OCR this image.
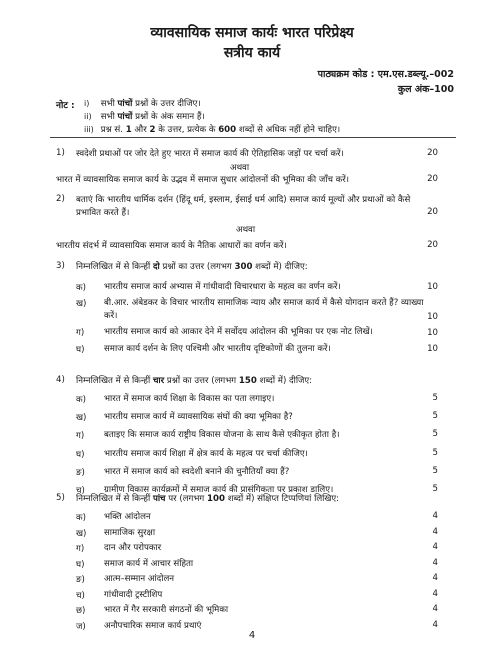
व्यावसायिक समाज कार्यः भारत परिप्रेक्ष्य
सत्रीय कार्य
पाठ्यक्रम कोड : एम.एस.डब्ल्यू.–002
कुल अंक–100
नोट : i) सभी पांचों प्रश्नों के उत्तर दीजिए।
ii) सभी पांचों प्रश्नों के अंक समान हैं।
iii) प्रश्न सं. 1 और 2 के उत्तर, प्रत्येक के 600 शब्दों से अधिक नहीं होने चाहिए।
1) स्वदेशी प्रथाओं पर जोर देते हुए भारत में समाज कार्य की ऐतिहासिक जड़ों पर चर्चा करें।	20
अथवा
भारत में व्यावसायिक समाज कार्य के उद्भव में समाज सुधार आंदोलनों की भूमिका की जाँच करें।	20
2) बताएं कि भारतीय धार्मिक दर्शन (हिंदू धर्म, इस्लाम, ईसाई धर्म आदि) समाज कार्य मूल्यों और प्रथाओं को कैसे
प्रभावित करते हैं।	20
अथवा
भारतीय संदर्भ में व्यावसायिक समाज कार्य के नैतिक आधारों का वर्णन करें।	20
3) निम्नलिखित में से किन्हीं दो प्रश्नों का उत्तर (लगभग 300 शब्दों में) दीजिए:
क) भारतीय समाज कार्य अभ्यास में गांधीवादी विचारधारा के महत्व का वर्णन करें।	10
ख) बी.आर. अंबेडकर के विचार भारतीय सामाजिक न्याय और समाज कार्य में कैसे योगदान करते हैं? व्याख्या
करें।	10
ग) भारतीय समाज कार्य को आकार देने में सर्वोदय आंदोलन की भूमिका पर एक नोट लिखें।	10
घ) समाज कार्य दर्शन के लिए पश्चिमी और भारतीय दृष्टिकोणों की तुलना करें।	10
4) निम्नलिखित में से किन्हीं चार प्रश्नों का उत्तर (लगभग 150 शब्दों में) दीजिए:
क) भारत में समाज कार्य शिक्षा के विकास का पता लगाइए।	5
ख) भारतीय समाज कार्य में व्यावसायिक संघों की क्या भूमिका है?	5
ग) बताइए कि समाज कार्य राष्ट्रीय विकास योजना के साथ कैसे एकीकृत होता है।	5
घ) भारतीय समाज कार्य शिक्षा में क्षेत्र कार्य के महत्व पर चर्चा कीजिए।	5
ङ) भारत में समाज कार्य को स्वदेशी बनाने की चुनौतियाँ क्या हैं?	5
च) ग्रामीण विकास कार्यक्रमों में समाज कार्य की प्रासंगिकता पर प्रकाश डालिए।	5
5) निम्नलिखित में से किन्हीं पांच पर (लगभग 100 शब्दों में) संक्षिप्त टिप्पणियां लिखिए:
क) भक्ति आंदोलन	4
ख) सामाजिक सुरक्षा	4
ग) दान और परोपकार	4
घ) समाज कार्य में आचार संहिता	4
ङ) आत्म–सम्मान आंदोलन	4
च) गांधीवादी ट्रस्टीशिप	4
छ) भारत में गैर सरकारी संगठनों की भूमिका	4
ज) अनौपचारिक समाज कार्य प्रथाएं	4
4
